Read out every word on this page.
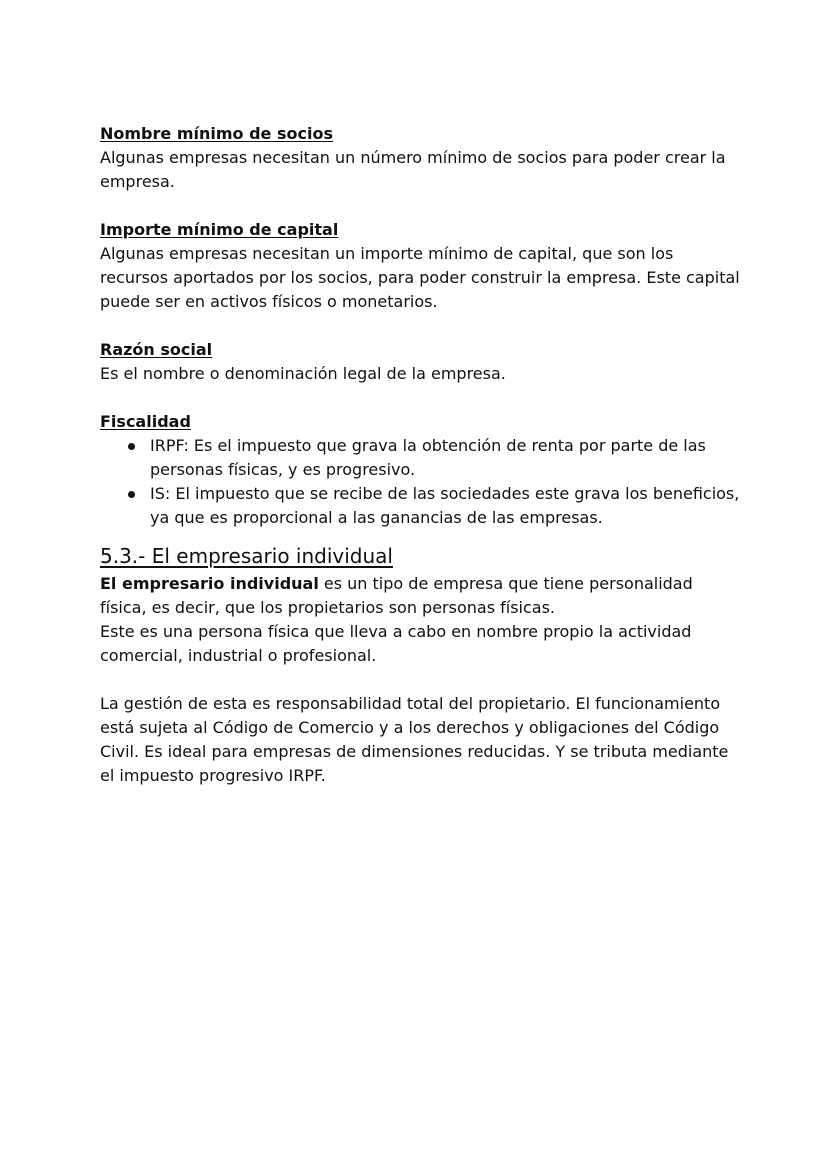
Nombre mínimo de socios

Algunas empresas necesitan un número mínimo de socios para poder crear la empresa.

Importe mínimo de capital

Algunas empresas necesitan un importe mínimo de capital, que son los recursos aportados por los socios, para poder construir la empresa. Este capital puede ser en activos físicos o monetarios.

Razón social

Es el nombre o denominación legal de la empresa.

Fiscalidad

IRPF: Es el impuesto que grava la obtención de renta por parte de las personas físicas, y es progresivo.
IS: El impuesto que se recibe de las sociedades este grava los beneficios, ya que es proporcional a las ganancias de las empresas.
5.3.- El empresario individual

El empresario individual es un tipo de empresa que tiene personalidad física, es decir, que los propietarios son personas físicas.

Este es una persona física que lleva a cabo en nombre propio la actividad comercial, industrial o profesional.

La gestión de esta es responsabilidad total del propietario. El funcionamiento está sujeta al Código de Comercio y a los derechos y obligaciones del Código Civil. Es ideal para empresas de dimensiones reducidas. Y se tributa mediante el impuesto progresivo IRPF.
